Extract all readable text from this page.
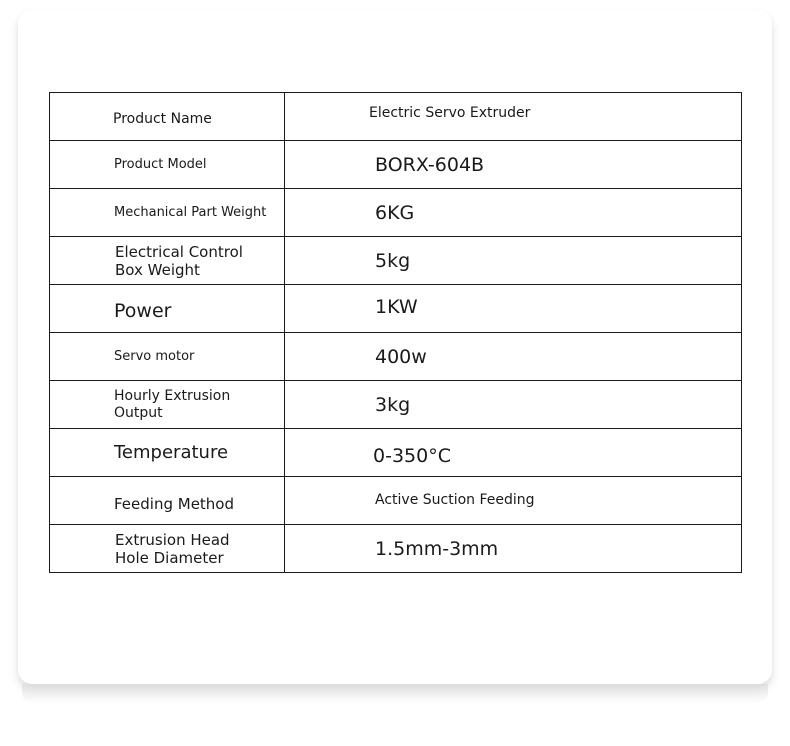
Product Name	Electric Servo Extruder

Product Model	BORX-604B

Mechanical Part Weight	6KG

Electrical Control Box Weight	5kg

Power	1KW

Servo motor	400w

Hourly Extrusion Output	3kg

Temperature	0-350°C

Feeding Method	Active Suction Feeding

Extrusion Head Hole Diameter	1.5mm-3mm
